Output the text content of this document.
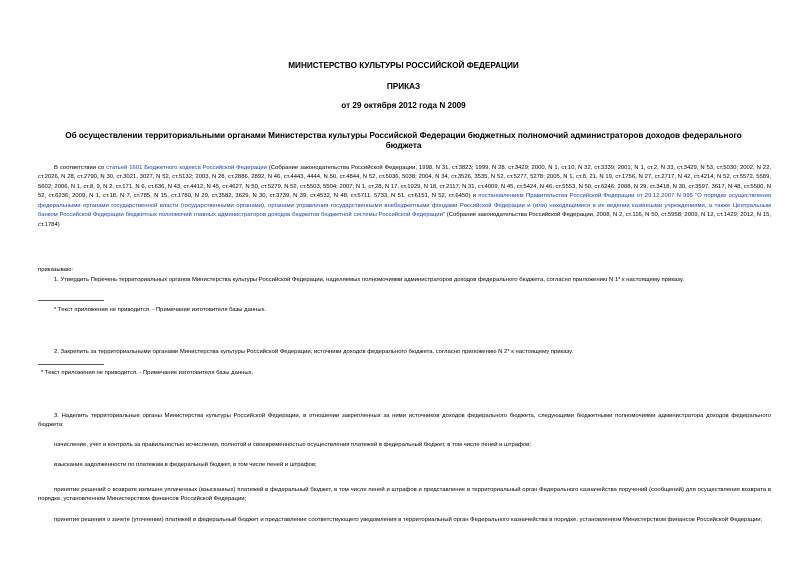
МИНИСТЕРСТВО КУЛЬТУРЫ РОССИЙСКОЙ ФЕДЕРАЦИИ
ПРИКАЗ
от 29 октября 2012 года N 2009
Об осуществлении территориальными органами Министерства культуры Российской Федерации бюджетных полномочий администраторов доходов федерального бюджета
В соответствии со статьей 1601 Бюджетного кодекса Российской Федерации (Собрание законодательства Российской Федерации, 1998, N 31, ст.3823; 1999, N 28, ст.3429; 2000, N 1, ст.10, N 32, ст.3339; 2001, N 1, ст.2, N 33, ст.3429, N 53, ст.5030; 2002, N 22, ст.2026, N 28, ст.2790, N 30, ст.3021, 3027, N 52, ст.5132; 2003, N 28, ст.2886, 2892, N 46, ст.4443, 4444, N 50, ст.4844, N 52, ст.5036, 5038; 2004, N 34, ст.3526, 3535, N 52, ст.5277, 5278; 2005, N 1, ст.8, 21, N 19, ст.1756, N 27, ст.2717, N 42, ст.4214, N 52, ст.5572, 5589, 5602; 2006, N 1, ст.8, 9, N 2, ст.171, N 6, ст.636, N 43, ст.4412, N 45, ст.4627, N 50, ст.5279, N 52, ст.5503, 5504; 2007, N 1, ст.28, N 17, ст.1929, N 18, ст.2117, N 31, ст.4009, N 45, ст.5424, N 46, ст.5553, N 50, ст.6246; 2008, N 29, ст.3418, N 30, ст.3597, 3617, N 48, ст.5500, N 52, ст.6236; 2009, N 1, ст.18, N 7, ст.785, N 15, ст.1780, N 29, ст.3582, 3629, N 30, ст.3739, N 39, ст.4532, N 48, ст.5711, 5733, N 51, ст.6151, N 52, ст.6450) и постановлением Правительства Российской Федерации от 29.12.2007 N 995 "О порядке осуществления федеральными органами государственной власти (государственными органами), органами управления государственными внебюджетными фондами Российской Федерации и (или) находящимися в их ведении казёнными учреждениями, а также Центральным банком Российской Федерации бюджетных полномочий главных администраторов доходов бюджетов бюджетной системы Российской Федерации" (Собрание законодательства Российской Федерации, 2008, N 2, ст.116, N 50, ст.5958; 2009, N 12, ст.1429; 2012, N 15, ст.1784)
приказываю:
1. Утвердить Перечень территориальных органов Министерства культуры Российской Федерации, наделяемых полномочиями администраторов доходов федерального бюджета, согласно приложению N 1* к настоящему приказу.
* Текст приложения не приводится. - Примечание изготовителя базы данных.
2. Закрепить за территориальными органами Министерства культуры Российской Федерации, источники доходов федерального бюджета, согласно приложению N 2* к настоящему приказу.
* Текст приложения не приводится. - Примечание изготовителя базы данных.
3. Наделить территориальные органы Министерства культуры Российской Федерации, в отношении закрепленных за ними источников доходов федерального бюджета, следующими бюджетными полномочиями администратора доходов федерального бюджета:
начисление, учет и контроль за правильностью исчисления, полнотой и своевременностью осуществления платежей в федеральный бюджет, в том числе пеней и штрафов;
взыскание задолженности по платежам в федеральный бюджет, в том числе пеней и штрафов;
принятие решений о возврате излишне уплаченных (взысканных) платежей в федеральный бюджет, в том числе пеней и штрафов и представление в территориальный орган Федерального казначейства поручений (сообщений) для осуществления возврата в порядке, установленном Министерством финансов Российской Федерации;
принятие решения о зачете (уточнении) платежей в федеральный бюджет и представление соответствующего уведомления в территориальный орган Федерального казначейства в порядке, установленном Министерством финансов Российской Федерации;
